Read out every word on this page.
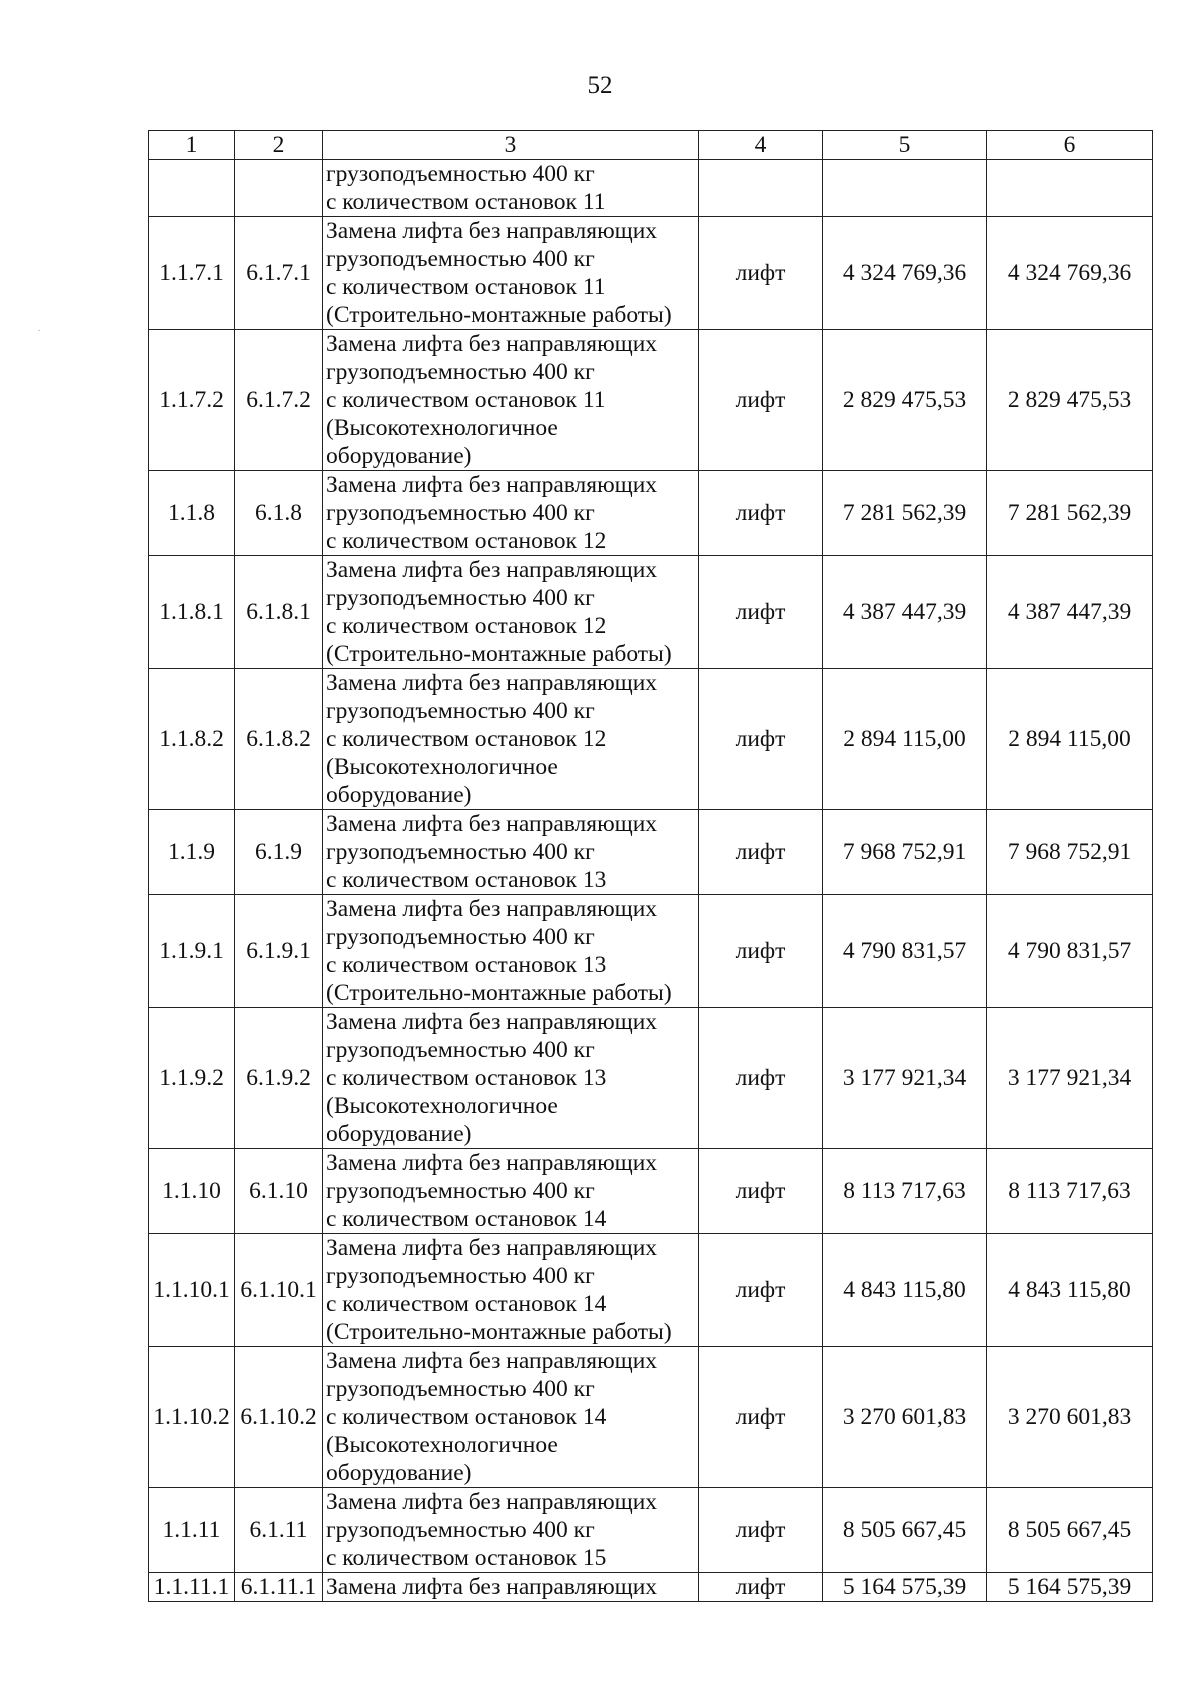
52
1	2	3	4	5	6
		грузоподъемностью 400 кг
с количеством остановок 11			
1.1.7.1	6.1.7.1	Замена лифта без направляющих
грузоподъемностью 400 кг
с количеством остановок 11
(Строительно-монтажные работы)	лифт	4 324 769,36	4 324 769,36
1.1.7.2	6.1.7.2	Замена лифта без направляющих
грузоподъемностью 400 кг
с количеством остановок 11
(Высокотехнологичное
оборудование)	лифт	2 829 475,53	2 829 475,53
1.1.8	6.1.8	Замена лифта без направляющих
грузоподъемностью 400 кг
с количеством остановок 12	лифт	7 281 562,39	7 281 562,39
1.1.8.1	6.1.8.1	Замена лифта без направляющих
грузоподъемностью 400 кг
с количеством остановок 12
(Строительно-монтажные работы)	лифт	4 387 447,39	4 387 447,39
1.1.8.2	6.1.8.2	Замена лифта без направляющих
грузоподъемностью 400 кг
с количеством остановок 12
(Высокотехнологичное
оборудование)	лифт	2 894 115,00	2 894 115,00
1.1.9	6.1.9	Замена лифта без направляющих
грузоподъемностью 400 кг
с количеством остановок 13	лифт	7 968 752,91	7 968 752,91
1.1.9.1	6.1.9.1	Замена лифта без направляющих
грузоподъемностью 400 кг
с количеством остановок 13
(Строительно-монтажные работы)	лифт	4 790 831,57	4 790 831,57
1.1.9.2	6.1.9.2	Замена лифта без направляющих
грузоподъемностью 400 кг
с количеством остановок 13
(Высокотехнологичное
оборудование)	лифт	3 177 921,34	3 177 921,34
1.1.10	6.1.10	Замена лифта без направляющих
грузоподъемностью 400 кг
с количеством остановок 14	лифт	8 113 717,63	8 113 717,63
1.1.10.1	6.1.10.1	Замена лифта без направляющих
грузоподъемностью 400 кг
с количеством остановок 14
(Строительно-монтажные работы)	лифт	4 843 115,80	4 843 115,80
1.1.10.2	6.1.10.2	Замена лифта без направляющих
грузоподъемностью 400 кг
с количеством остановок 14
(Высокотехнологичное
оборудование)	лифт	3 270 601,83	3 270 601,83
1.1.11	6.1.11	Замена лифта без направляющих
грузоподъемностью 400 кг
с количеством остановок 15	лифт	8 505 667,45	8 505 667,45
1.1.11.1	6.1.11.1	Замена лифта без направляющих	лифт	5 164 575,39	5 164 575,39
